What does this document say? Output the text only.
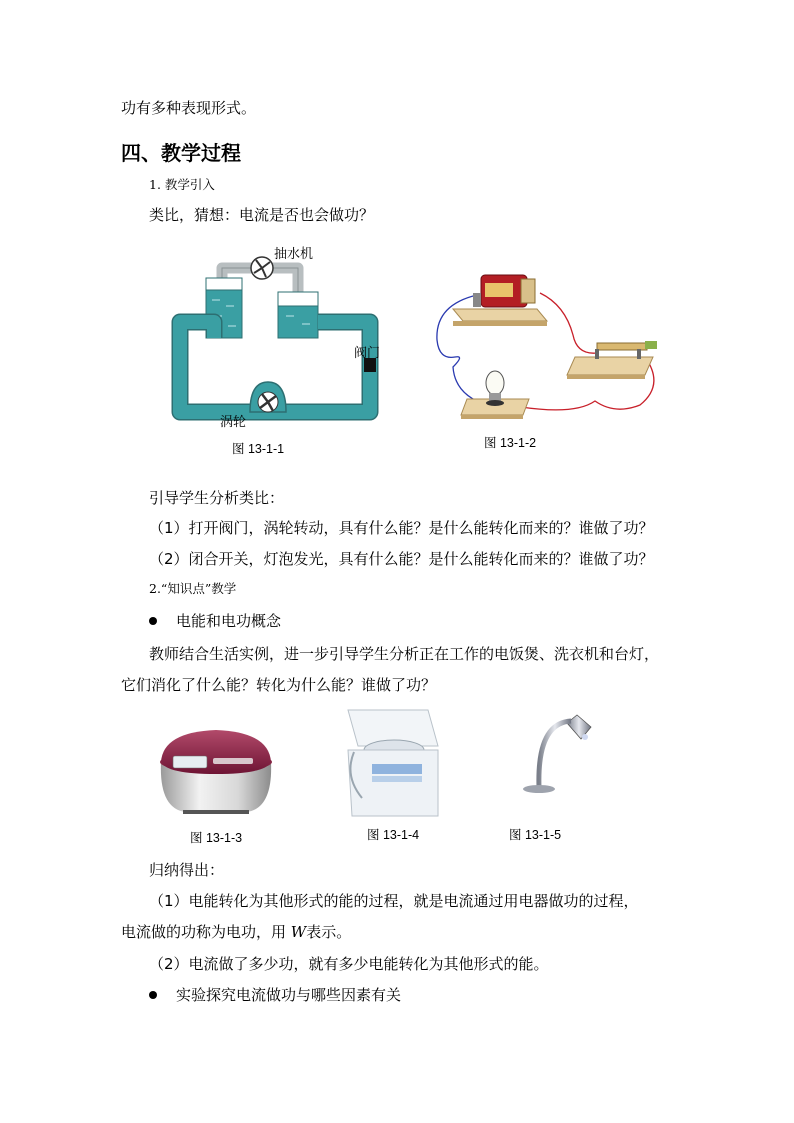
功有多种表现形式。
四、教学过程
1. 教学引入
类比，猜想：电流是否也会做功？
抽水机
阀门
涡轮
图 13-1-1	图 13-1-2
引导学生分析类比：
（1）打开阀门，涡轮转动，具有什么能？是什么能转化而来的？谁做了功？
（2）闭合开关，灯泡发光，具有什么能？是什么能转化而来的？谁做了功？
2.“知识点”教学
电能和电功概念
教师结合生活实例，进一步引导学生分析正在工作的电饭煲、洗衣机和台灯，
它们消化了什么能？转化为什么能？谁做了功？
图 13-1-3	图 13-1-4	图 13-1-5
归纳得出：
（1）电能转化为其他形式的能的过程，就是电流通过用电器做功的过程，
电流做的功称为电功，用 W表示。
（2）电流做了多少功，就有多少电能转化为其他形式的能。
实验探究电流做功与哪些因素有关
